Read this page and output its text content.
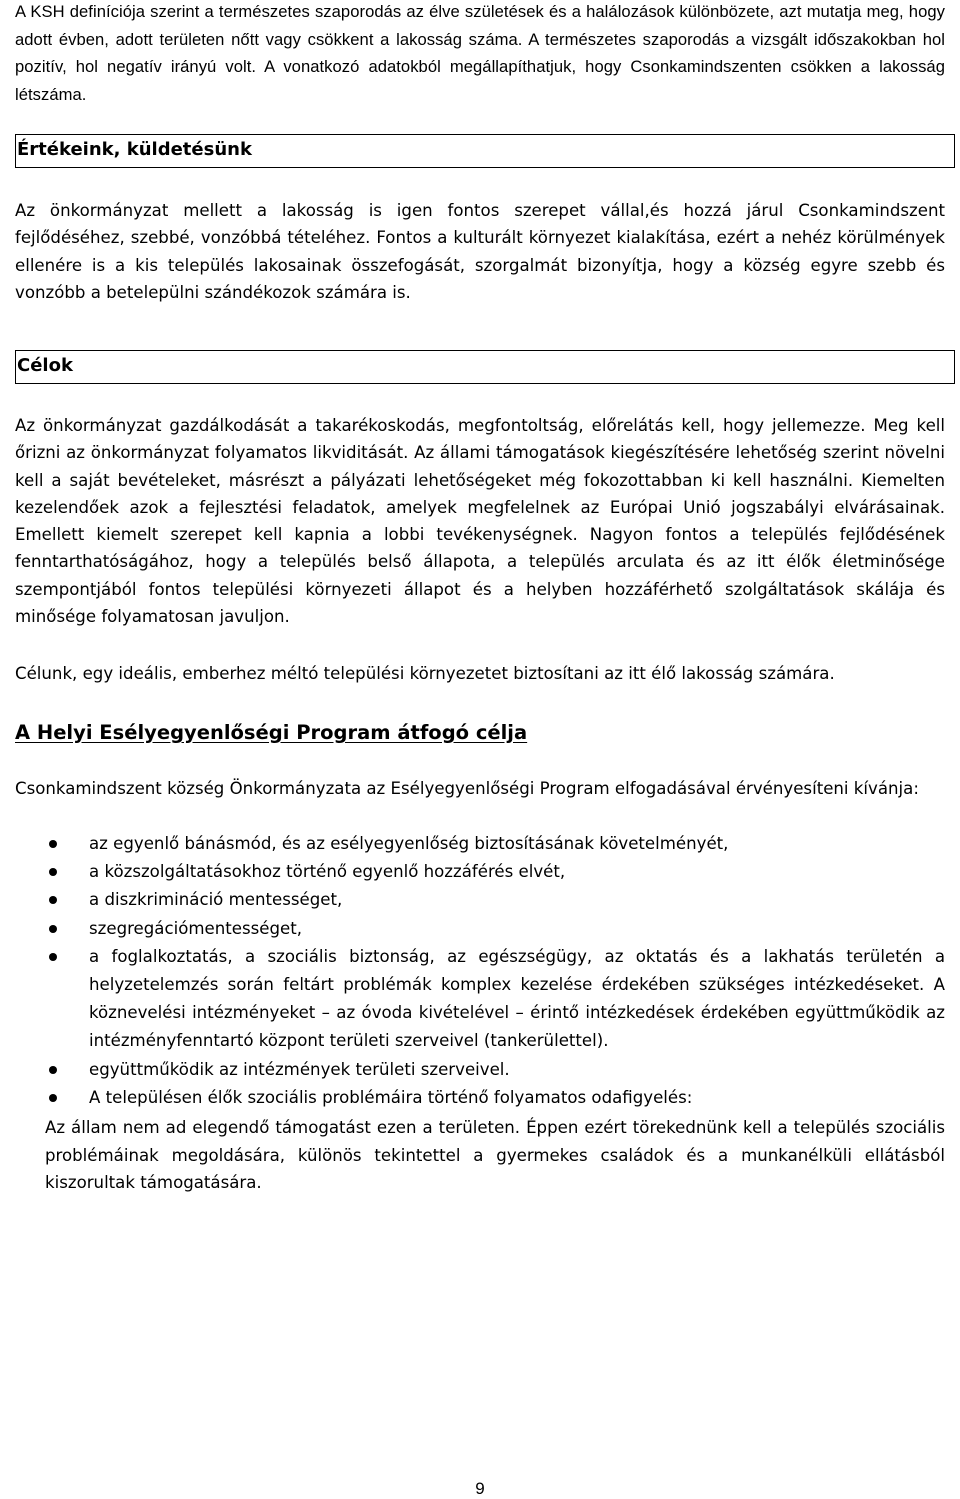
A KSH definíciója szerint a természetes szaporodás az élve születések és a halálozások különbözete, azt mutatja meg, hogy adott évben, adott területen nőtt vagy csökkent a lakosság száma. A természetes szaporodás a vizsgált időszakokban hol pozitív, hol negatív irányú volt. A vonatkozó adatokból megállapíthatjuk, hogy Csonkamindszenten csökken a lakosság létszáma.

Értékeink, küldetésünk

Az önkormányzat mellett a lakosság is igen fontos szerepet vállal,és hozzá járul Csonkamindszent fejlődéséhez, szebbé, vonzóbbá tételéhez. Fontos a kulturált környezet kialakítása, ezért a nehéz körülmények ellenére is a kis település lakosainak összefogását, szorgalmát bizonyítja, hogy a község egyre szebb és vonzóbb a betelepülni szándékozok számára is.

Célok

Az önkormányzat gazdálkodását a takarékoskodás, megfontoltság, előrelátás kell, hogy jellemezze. Meg kell őrizni az önkormányzat folyamatos likviditását. Az állami támogatások kiegészítésére lehetőség szerint növelni kell a saját bevételeket, másrészt a pályázati lehetőségeket még fokozottabban ki kell használni. Kiemelten kezelendőek azok a fejlesztési feladatok, amelyek megfelelnek az Európai Unió jogszabályi elvárásainak. Emellett kiemelt szerepet kell kapnia a lobbi tevékenységnek. Nagyon fontos a település fejlődésének fenntarthatóságához, hogy a település belső állapota, a település arculata és az itt élők életminősége szempontjából fontos települési környezeti állapot és a helyben hozzáférhető szolgáltatások skálája és minősége folyamatosan javuljon.

Célunk, egy ideális, emberhez méltó települési környezetet biztosítani az itt élő lakosság számára.

A Helyi Esélyegyenlőségi Program átfogó célja

Csonkamindszent község Önkormányzata az Esélyegyenlőségi Program elfogadásával érvényesíteni kívánja:

az egyenlő bánásmód, és az esélyegyenlőség biztosításának követelményét,
a közszolgáltatásokhoz történő egyenlő hozzáférés elvét,
a diszkrimináció mentességet,
szegregációmentességet,
a foglalkoztatás, a szociális biztonság, az egészségügy, az oktatás és a lakhatás területén a helyzetelemzés során feltárt problémák komplex kezelése érdekében szükséges intézkedéseket. A köznevelési intézményeket – az óvoda kivételével – érintő intézkedések érdekében együttműködik az intézményfenntartó központ területi szerveivel (tankerülettel).
együttműködik az intézmények területi szerveivel.
A településen élők szociális problémáira történő folyamatos odafigyelés:

Az állam nem ad elegendő támogatást ezen a területen. Éppen ezért törekednünk kell a település szociális problémáinak megoldására, különös tekintettel a gyermekes családok és a munkanélküli ellátásból kiszorultak támogatására.

9
